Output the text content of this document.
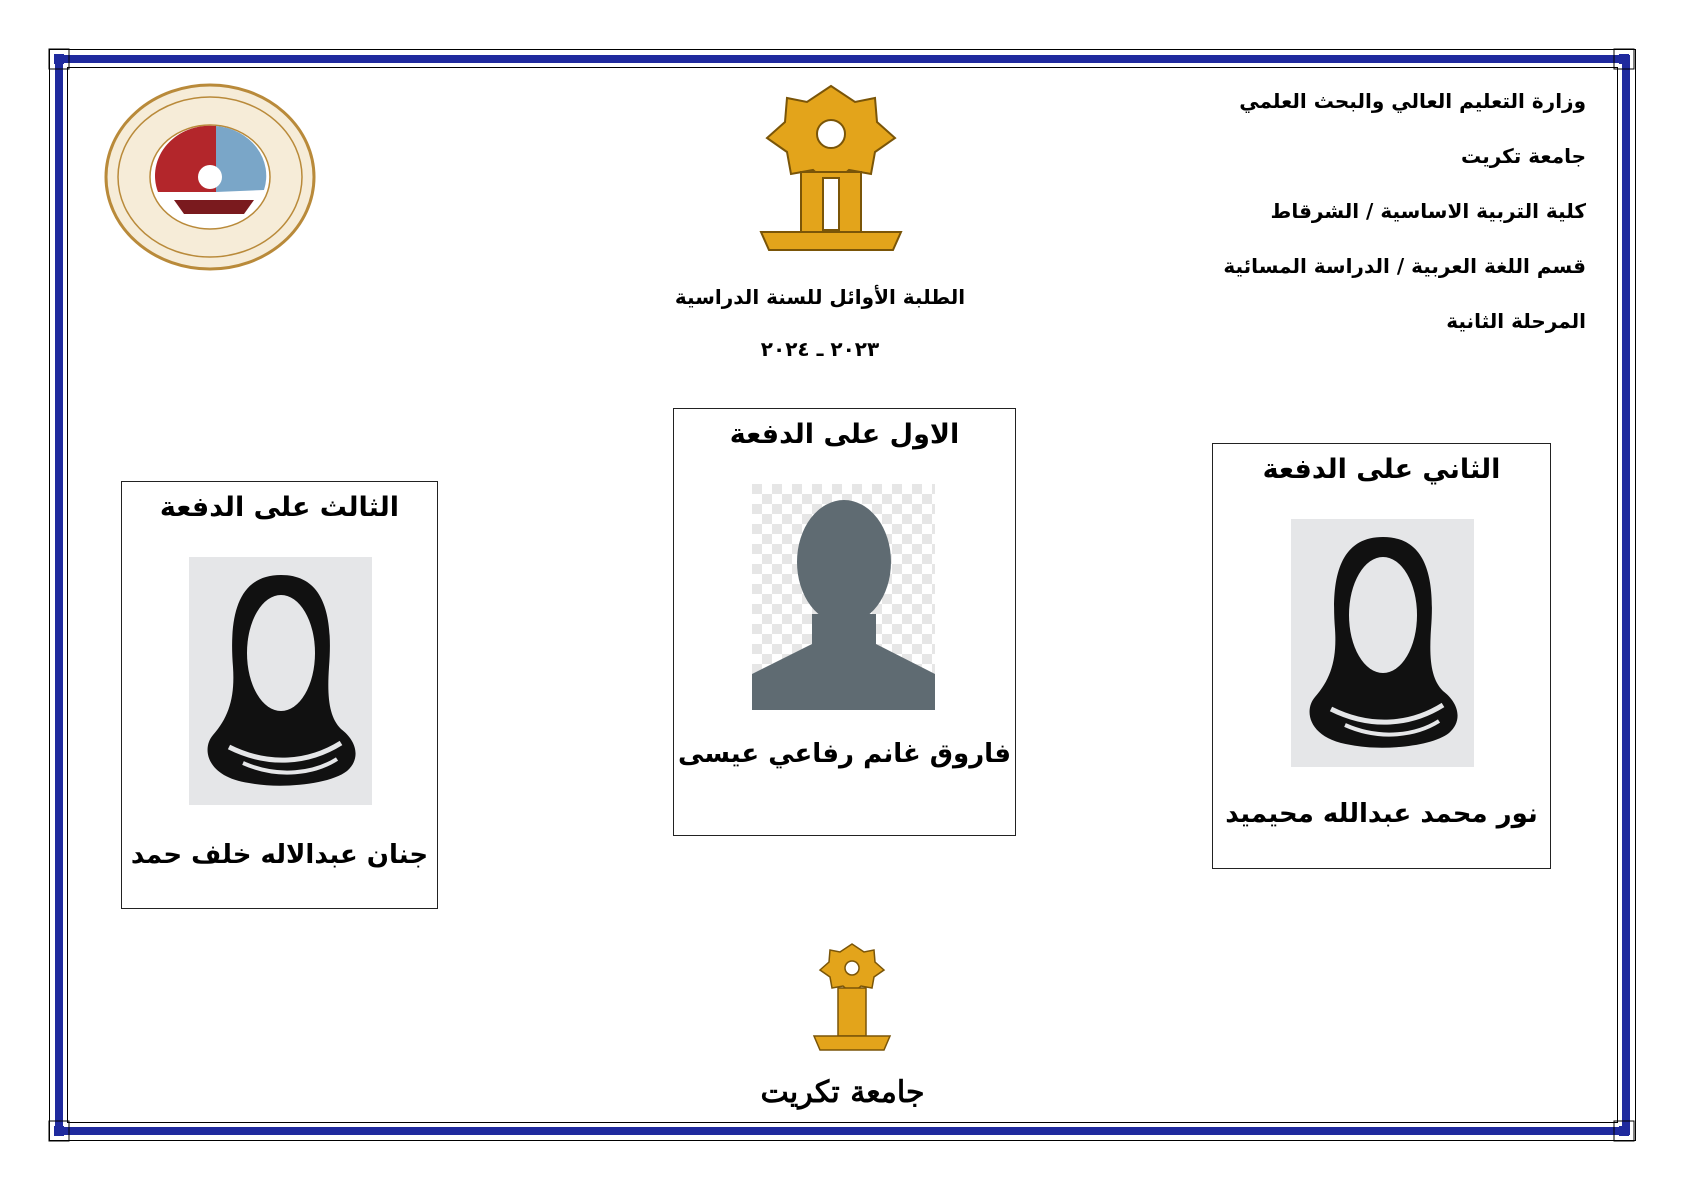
وزارة التعليم العالي والبحث العلمي
جامعة تكريت
كلية التربية الاساسية / الشرقاط
قسم اللغة العربية / الدراسة المسائية
المرحلة الثانية
الطلبة الأوائل للسنة الدراسية
٢٠٢٣ ـ ٢٠٢٤
الاول على الدفعة
فاروق غانم رفاعي عيسى
الثاني على الدفعة
نور محمد عبدالله محيميد
الثالث على الدفعة
جنان عبدالاله خلف حمد
جامعة تكريت
